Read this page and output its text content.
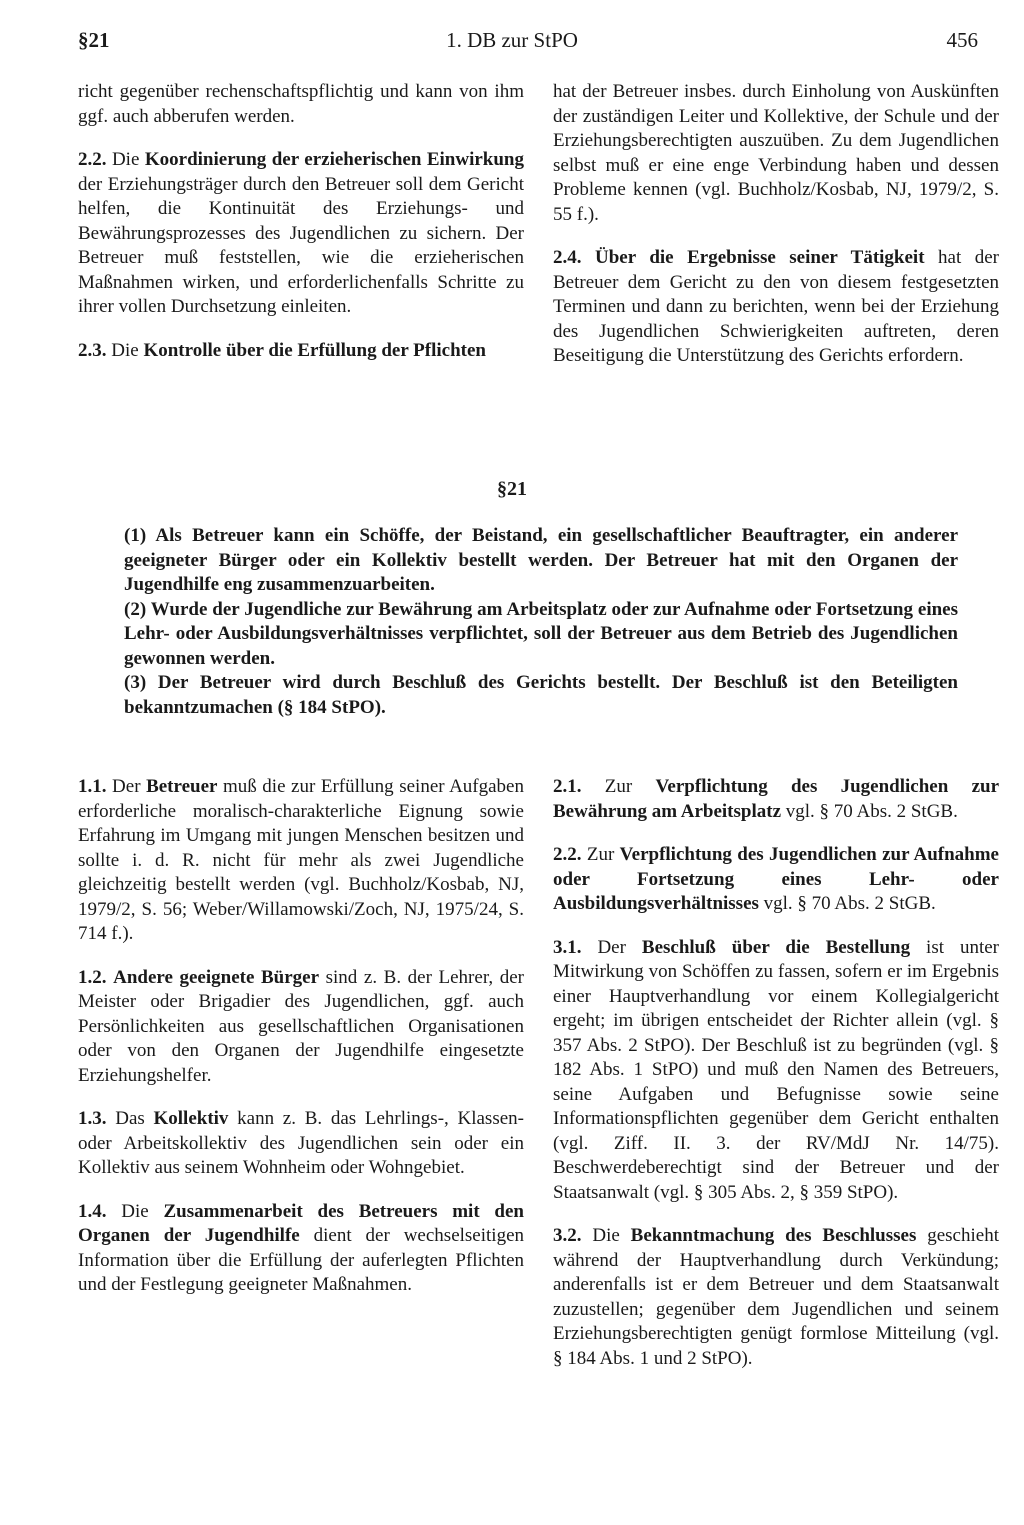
1. DB zur StPO
§21	456

richt gegenüber rechenschaftspflichtig und kann von ihm ggf. auch abberufen werden.

2.2. Die Koordinierung der erzieherischen Einwirkung der Erziehungsträger durch den Betreuer soll dem Gericht helfen, die Kontinuität des Erziehungs- und Bewährungsprozesses des Jugendlichen zu sichern. Der Betreuer muß feststellen, wie die erzieherischen Maßnahmen wirken, und erforderlichenfalls Schritte zu ihrer vollen Durchsetzung einleiten.

2.3. Die Kontrolle über die Erfüllung der Pflichten

hat der Betreuer insbes. durch Einholung von Auskünften der zuständigen Leiter und Kollektive, der Schule und der Erziehungsberechtigten auszuüben. Zu dem Jugendlichen selbst muß er eine enge Verbindung haben und dessen Probleme kennen (vgl. Buchholz/Kosbab, NJ, 1979/2, S. 55 f.).

2.4. Über die Ergebnisse seiner Tätigkeit hat der Betreuer dem Gericht zu den von diesem festgesetzten Terminen und dann zu berichten, wenn bei der Erziehung des Jugendlichen Schwierigkeiten auftreten, deren Beseitigung die Unterstützung des Gerichts erfordern.

§21

(1) Als Betreuer kann ein Schöffe, der Beistand, ein gesellschaftlicher Beauftragter, ein anderer geeigneter Bürger oder ein Kollektiv bestellt werden. Der Betreuer hat mit den Organen der Jugendhilfe eng zusammenzuarbeiten.

(2) Wurde der Jugendliche zur Bewährung am Arbeitsplatz oder zur Aufnahme oder Fortsetzung eines Lehr- oder Ausbildungsverhältnisses verpflichtet, soll der Betreuer aus dem Betrieb des Jugendlichen gewonnen werden.

(3) Der Betreuer wird durch Beschluß des Gerichts bestellt. Der Beschluß ist den Beteiligten bekanntzumachen (§ 184 StPO).

1.1. Der Betreuer muß die zur Erfüllung seiner Aufgaben erforderliche moralisch-charakterliche Eignung sowie Erfahrung im Umgang mit jungen Menschen besitzen und sollte i. d. R. nicht für mehr als zwei Jugendliche gleichzeitig bestellt werden (vgl. Buchholz/Kosbab, NJ, 1979/2, S. 56; Weber/Willamowski/Zoch, NJ, 1975/24, S. 714 f.).

1.2. Andere geeignete Bürger sind z. B. der Lehrer, der Meister oder Brigadier des Jugendlichen, ggf. auch Persönlichkeiten aus gesellschaftlichen Organisationen oder von den Organen der Jugendhilfe eingesetzte Erziehungshelfer.

1.3. Das Kollektiv kann z. B. das Lehrlings-, Klassen- oder Arbeitskollektiv des Jugendlichen sein oder ein Kollektiv aus seinem Wohnheim oder Wohngebiet.

1.4. Die Zusammenarbeit des Betreuers mit den Organen der Jugendhilfe dient der wechselseitigen Information über die Erfüllung der auferlegten Pflichten und der Festlegung geeigneter Maßnahmen.

2.1. Zur Verpflichtung des Jugendlichen zur Bewährung am Arbeitsplatz vgl. § 70 Abs. 2 StGB.

2.2. Zur Verpflichtung des Jugendlichen zur Aufnahme oder Fortsetzung eines Lehr- oder Ausbildungsverhältnisses vgl. § 70 Abs. 2 StGB.

3.1. Der Beschluß über die Bestellung ist unter Mitwirkung von Schöffen zu fassen, sofern er im Ergebnis einer Hauptverhandlung vor einem Kollegialgericht ergeht; im übrigen entscheidet der Richter allein (vgl. § 357 Abs. 2 StPO). Der Beschluß ist zu begründen (vgl. § 182 Abs. 1 StPO) und muß den Namen des Betreuers, seine Aufgaben und Befugnisse sowie seine Informationspflichten gegenüber dem Gericht enthalten (vgl. Ziff. II. 3. der RV/MdJ Nr. 14/75). Beschwerdeberechtigt sind der Betreuer und der Staatsanwalt (vgl. § 305 Abs. 2, § 359 StPO).

3.2. Die Bekanntmachung des Beschlusses geschieht während der Hauptverhandlung durch Verkündung; anderenfalls ist er dem Betreuer und dem Staatsanwalt zuzustellen; gegenüber dem Jugendlichen und seinem Erziehungsberechtigten genügt formlose Mitteilung (vgl. § 184 Abs. 1 und 2 StPO).
